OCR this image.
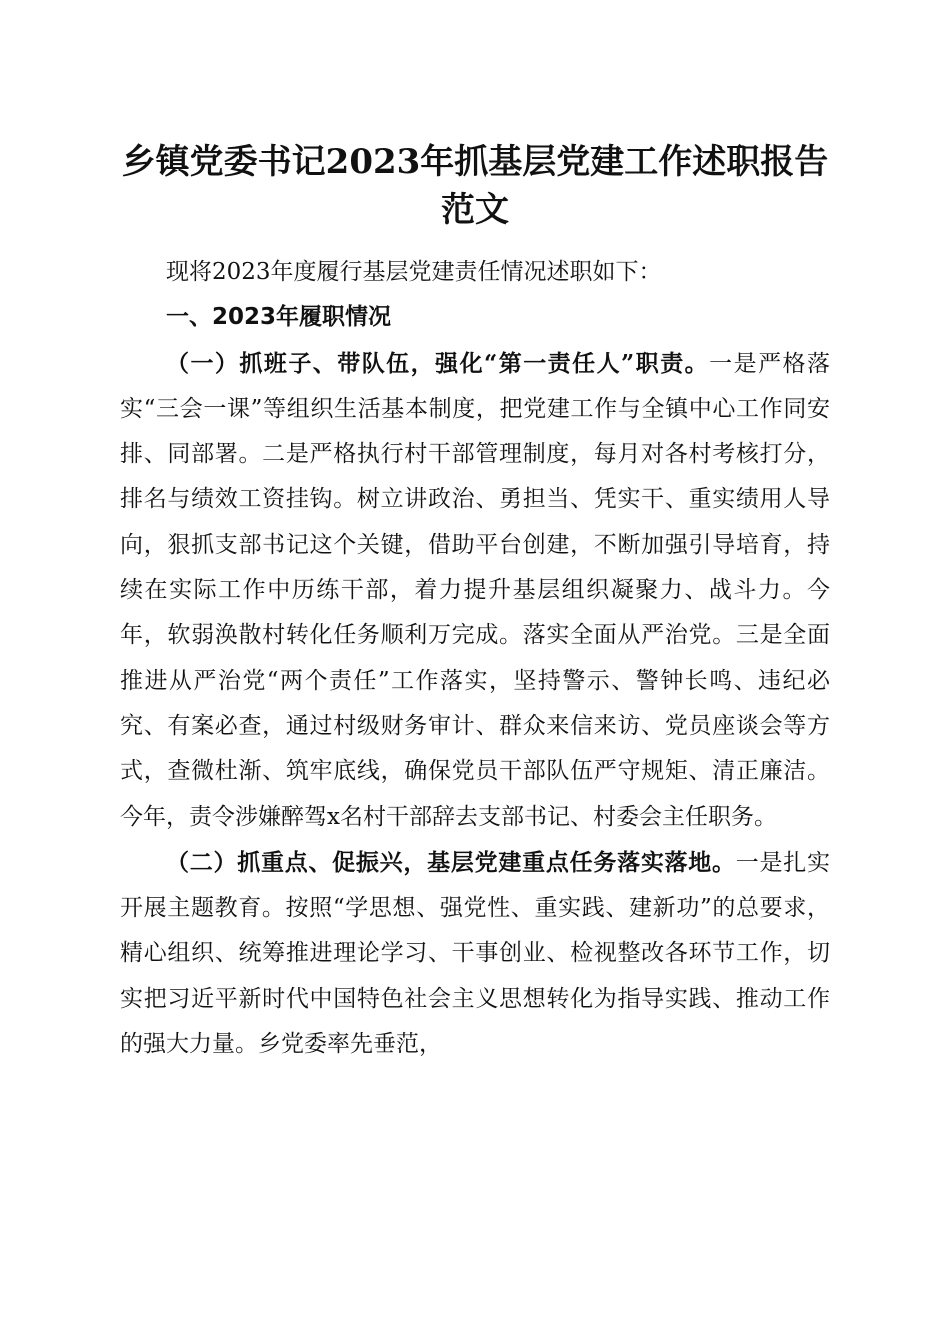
乡镇党委书记2023年抓基层党建工作述职报告范文

现将2023年度履行基层党建责任情况述职如下：

一、2023年履职情况

（一）抓班子、带队伍，强化“第一责任人”职责。一是严格落实“三会一课”等组织生活基本制度，把党建工作与全镇中心工作同安排、同部署。二是严格执行村干部管理制度，每月对各村考核打分，排名与绩效工资挂钩。树立讲政治、勇担当、凭实干、重实绩用人导向，狠抓支部书记这个关键，借助平台创建，不断加强引导培育，持续在实际工作中历练干部，着力提升基层组织凝聚力、战斗力。今年，软弱涣散村转化任务顺利万完成。落实全面从严治党。三是全面推进从严治党“两个责任”工作落实，坚持警示、警钟长鸣、违纪必究、有案必查，通过村级财务审计、群众来信来访、党员座谈会等方式，查微杜渐、筑牢底线，确保党员干部队伍严守规矩、清正廉洁。今年，责令涉嫌醉驾x名村干部辞去支部书记、村委会主任职务。

（二）抓重点、促振兴，基层党建重点任务落实落地。一是扎实开展主题教育。按照“学思想、强党性、重实践、建新功”的总要求，精心组织、统筹推进理论学习、干事创业、检视整改各环节工作，切实把习近平新时代中国特色社会主义思想转化为指导实践、推动工作的强大力量。乡党委率先垂范，
